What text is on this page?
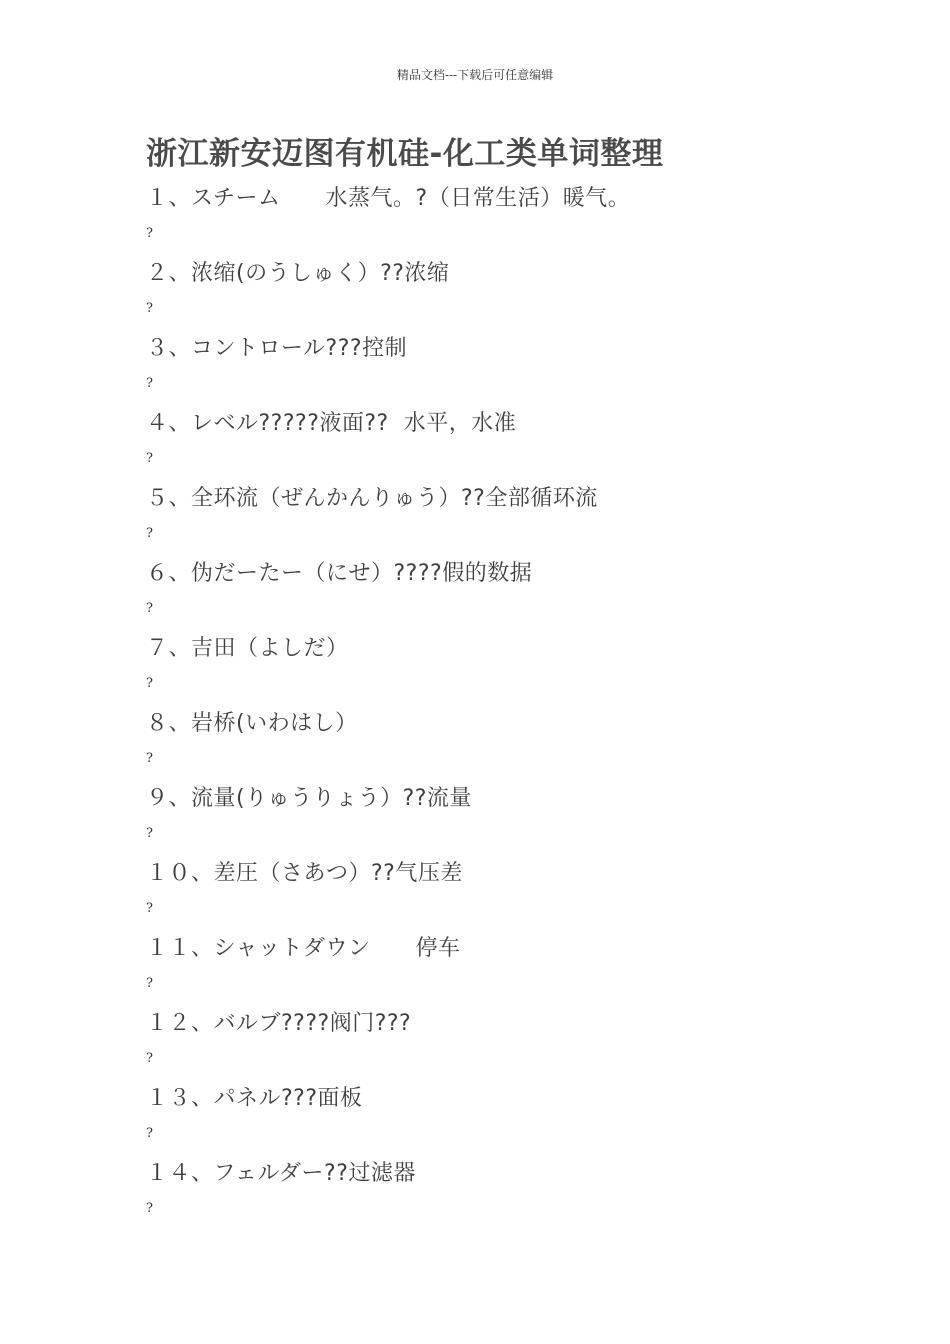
精品文档---下载后可任意编辑
浙江新安迈图有机硅-化工类单词整理
１、スチーム　　水蒸气。?（日常生活）暖气。
?
２、浓缩(のうしゅく）??浓缩
?
３、コントロール???控制
?
４、レベル?????液面??  水平，水准
?
５、全环流（ぜんかんりゅう）??全部循环流
?
６、伪だーたー（にせ）????假的数据
?
７、吉田（よしだ）
?
８、岩桥(いわはし）
?
９、流量(りゅうりょう）??流量
?
１０、差圧（さあつ）??气压差
?
１１、シャットダウン　　停车
?
１２、バルブ????阀门???
?
１３、パネル???面板
?
１４、フェルダー??过滤器
?
